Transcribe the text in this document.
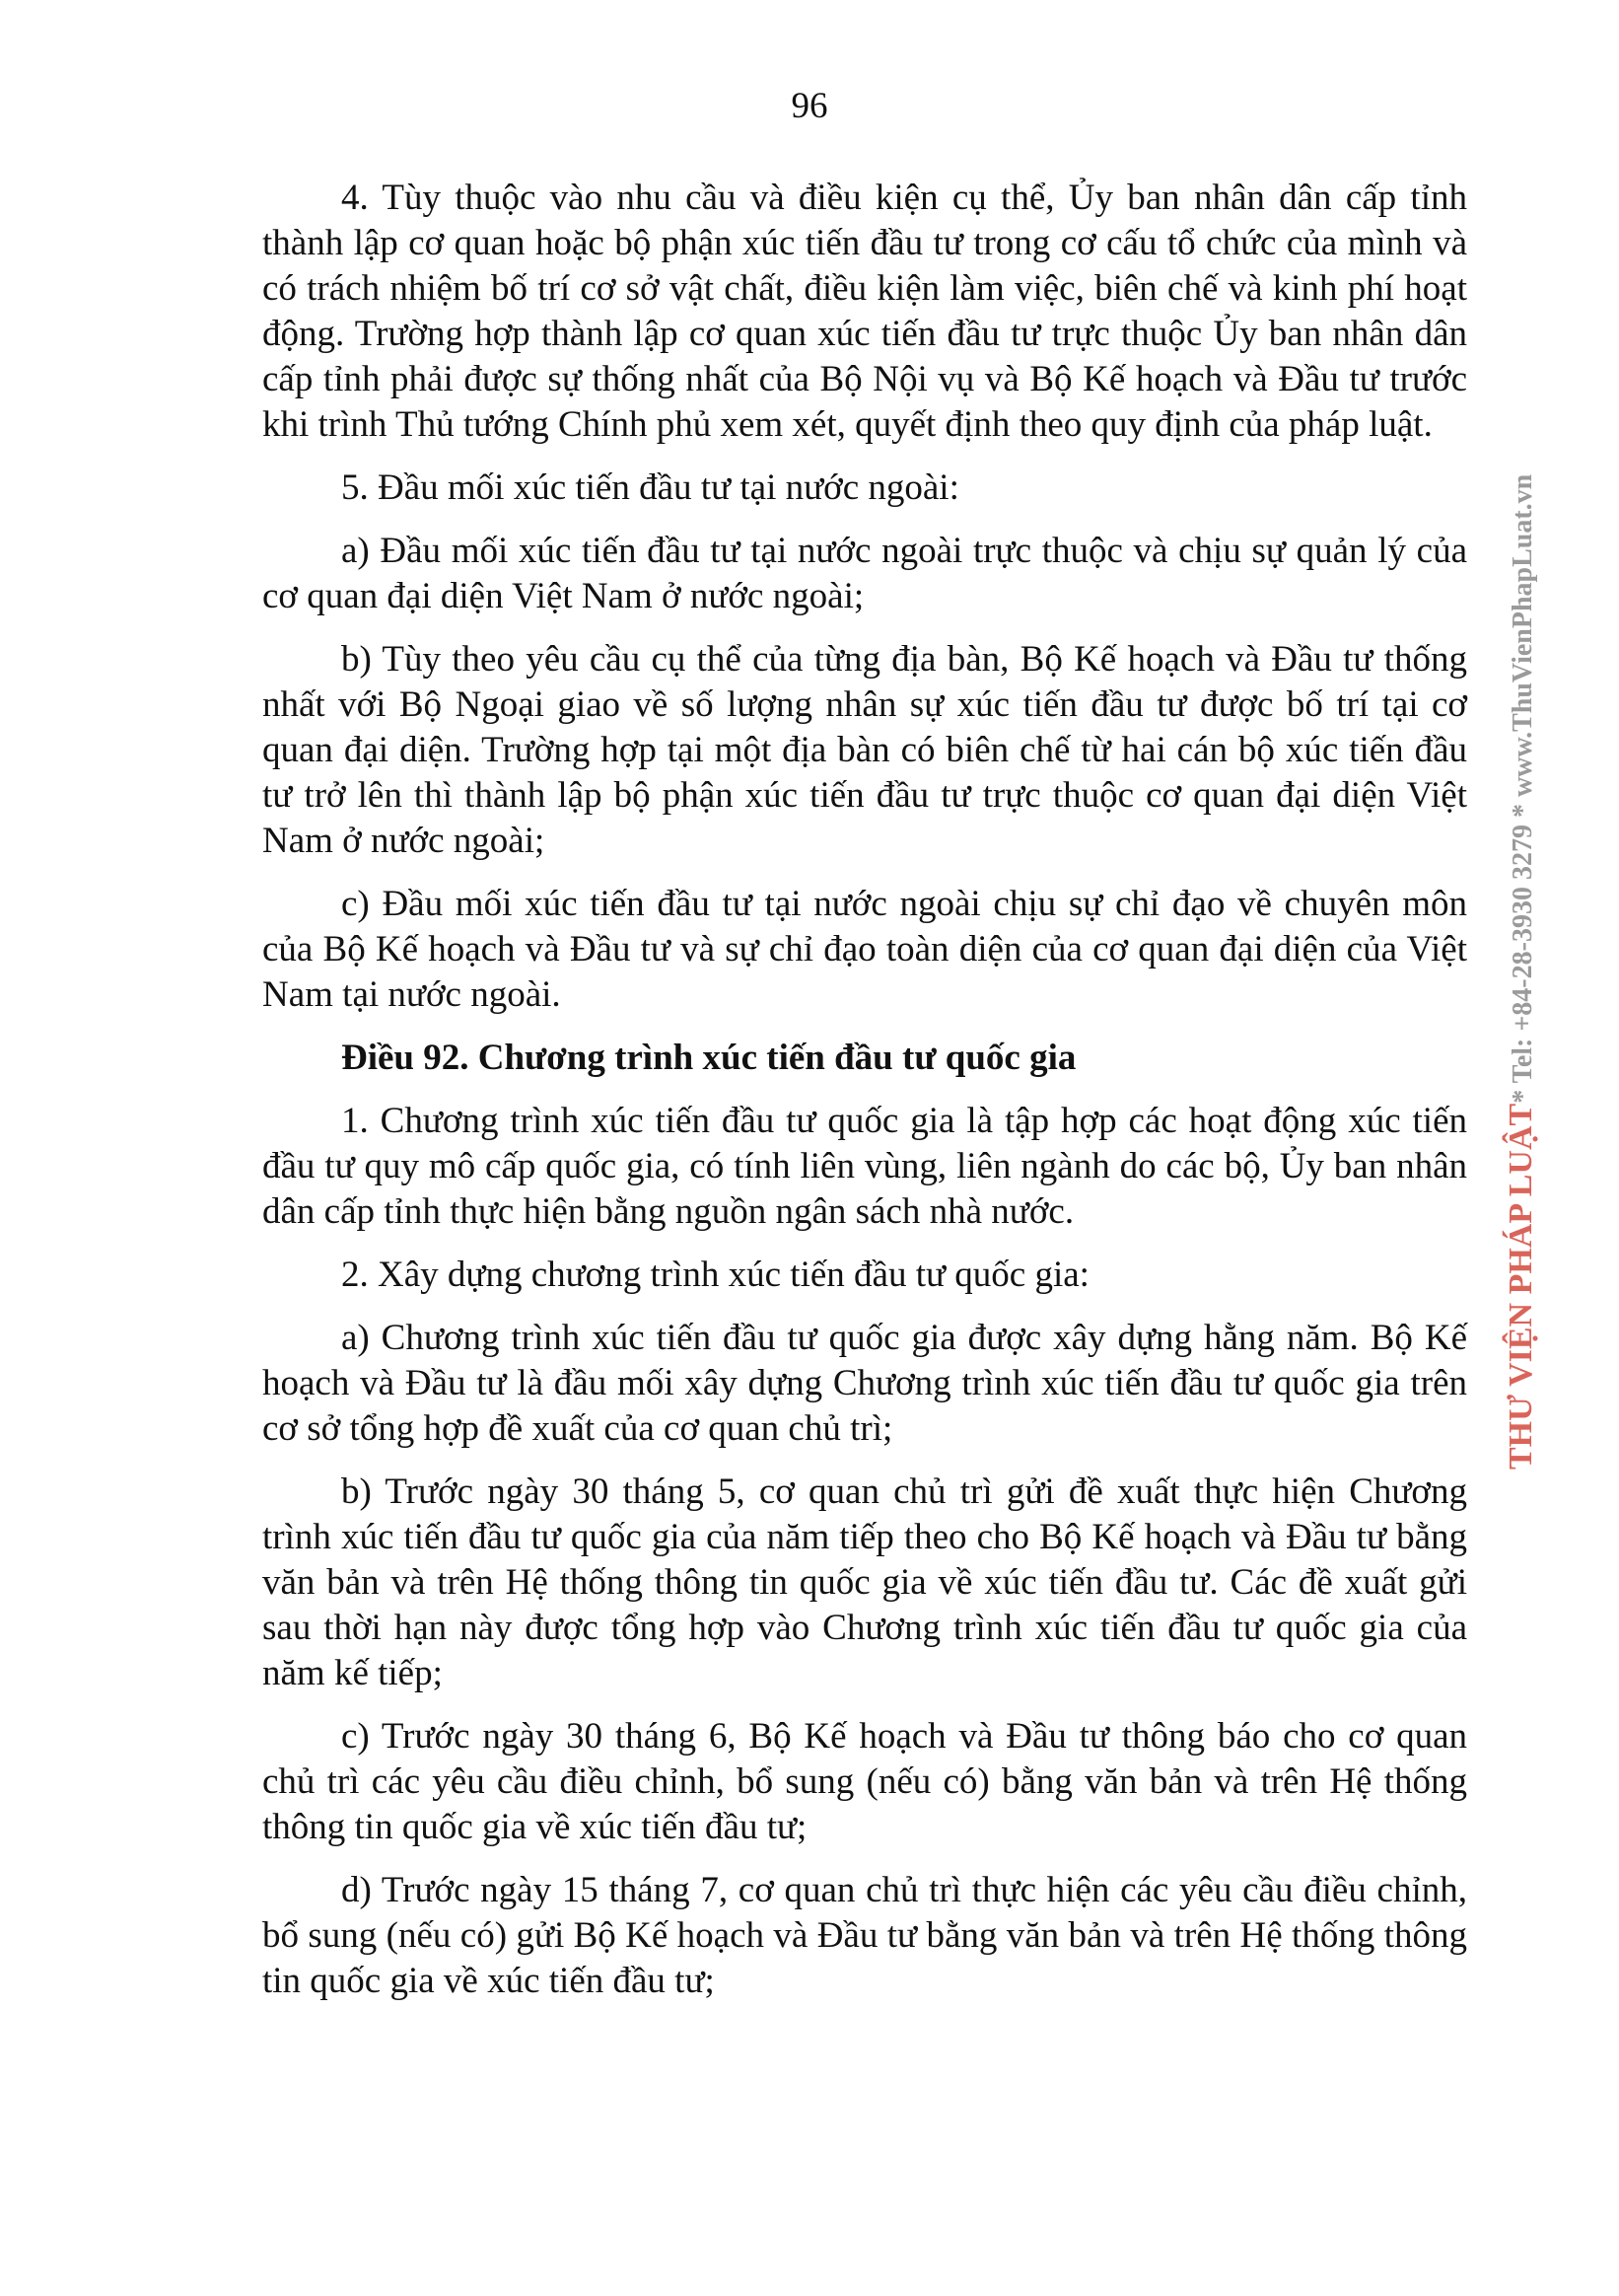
96

4. Tùy thuộc vào nhu cầu và điều kiện cụ thể, Ủy ban nhân dân cấp tỉnh thành lập cơ quan hoặc bộ phận xúc tiến đầu tư trong cơ cấu tổ chức của mình và có trách nhiệm bố trí cơ sở vật chất, điều kiện làm việc, biên chế và kinh phí hoạt động. Trường hợp thành lập cơ quan xúc tiến đầu tư trực thuộc Ủy ban nhân dân cấp tỉnh phải được sự thống nhất của Bộ Nội vụ và Bộ Kế hoạch và Đầu tư trước khi trình Thủ tướng Chính phủ xem xét, quyết định theo quy định của pháp luật.

5. Đầu mối xúc tiến đầu tư tại nước ngoài:

a) Đầu mối xúc tiến đầu tư tại nước ngoài trực thuộc và chịu sự quản lý của cơ quan đại diện Việt Nam ở nước ngoài;

b) Tùy theo yêu cầu cụ thể của từng địa bàn, Bộ Kế hoạch và Đầu tư thống nhất với Bộ Ngoại giao về số lượng nhân sự xúc tiến đầu tư được bố trí tại cơ quan đại diện. Trường hợp tại một địa bàn có biên chế từ hai cán bộ xúc tiến đầu tư trở lên thì thành lập bộ phận xúc tiến đầu tư trực thuộc cơ quan đại diện Việt Nam ở nước ngoài;

c) Đầu mối xúc tiến đầu tư tại nước ngoài chịu sự chỉ đạo về chuyên môn của Bộ Kế hoạch và Đầu tư và sự chỉ đạo toàn diện của cơ quan đại diện của Việt Nam tại nước ngoài.

Điều 92. Chương trình xúc tiến đầu tư quốc gia

1. Chương trình xúc tiến đầu tư quốc gia là tập hợp các hoạt động xúc tiến đầu tư quy mô cấp quốc gia, có tính liên vùng, liên ngành do các bộ, Ủy ban nhân dân cấp tỉnh thực hiện bằng nguồn ngân sách nhà nước.

2. Xây dựng chương trình xúc tiến đầu tư quốc gia:

a) Chương trình xúc tiến đầu tư quốc gia được xây dựng hằng năm. Bộ Kế hoạch và Đầu tư là đầu mối xây dựng Chương trình xúc tiến đầu tư quốc gia trên cơ sở tổng hợp đề xuất của cơ quan chủ trì;

b) Trước ngày 30 tháng 5, cơ quan chủ trì gửi đề xuất thực hiện Chương trình xúc tiến đầu tư quốc gia của năm tiếp theo cho Bộ Kế hoạch và Đầu tư bằng văn bản và trên Hệ thống thông tin quốc gia về xúc tiến đầu tư. Các đề xuất gửi sau thời hạn này được tổng hợp vào Chương trình xúc tiến đầu tư quốc gia của năm kế tiếp;

c) Trước ngày 30 tháng 6, Bộ Kế hoạch và Đầu tư thông báo cho cơ quan chủ trì các yêu cầu điều chỉnh, bổ sung (nếu có) bằng văn bản và trên Hệ thống thông tin quốc gia về xúc tiến đầu tư;

d) Trước ngày 15 tháng 7, cơ quan chủ trì thực hiện các yêu cầu điều chỉnh, bổ sung (nếu có) gửi Bộ Kế hoạch và Đầu tư bằng văn bản và trên Hệ thống thông tin quốc gia về xúc tiến đầu tư;

THƯ VIỆN PHÁP LUẬT* Tel: +84-28-3930 3279 * www.ThuVienPhapLuat.vn
